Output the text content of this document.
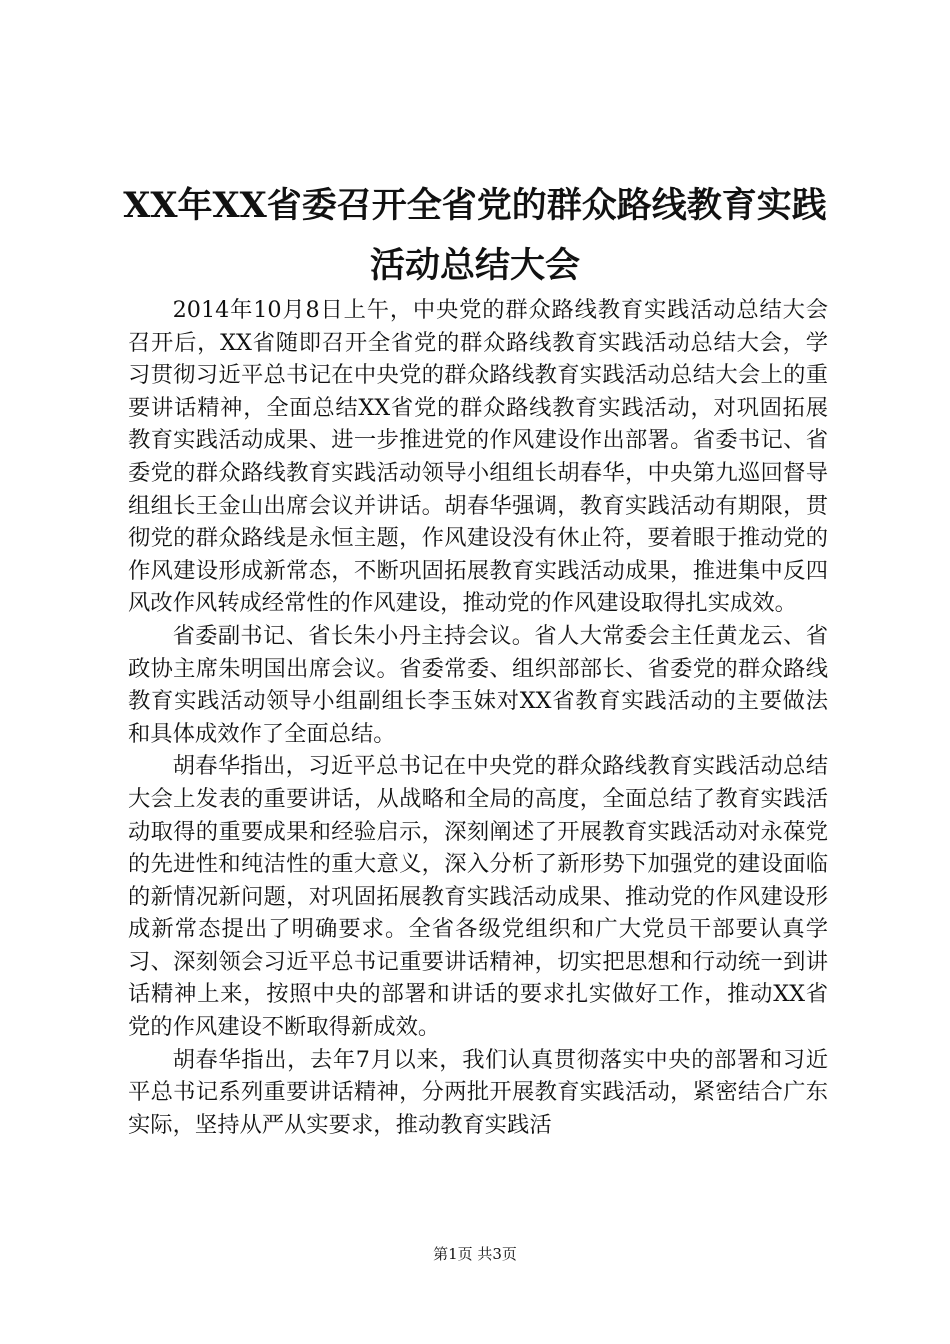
XX年XX省委召开全省党的群众路线教育实践
活动总结大会

2014年10月8日上午，中央党的群众路线教育实践活动总结大会召开后，XX省随即召开全省党的群众路线教育实践活动总结大会，学习贯彻习近平总书记在中央党的群众路线教育实践活动总结大会上的重要讲话精神，全面总结XX省党的群众路线教育实践活动，对巩固拓展教育实践活动成果、进一步推进党的作风建设作出部署。省委书记、省委党的群众路线教育实践活动领导小组组长胡春华，中央第九巡回督导组组长王金山出席会议并讲话。胡春华强调，教育实践活动有期限，贯彻党的群众路线是永恒主题，作风建设没有休止符，要着眼于推动党的作风建设形成新常态，不断巩固拓展教育实践活动成果，推进集中反四风改作风转成经常性的作风建设，推动党的作风建设取得扎实成效。

省委副书记、省长朱小丹主持会议。省人大常委会主任黄龙云、省政协主席朱明国出席会议。省委常委、组织部部长、省委党的群众路线教育实践活动领导小组副组长李玉妹对XX省教育实践活动的主要做法和具体成效作了全面总结。

胡春华指出，习近平总书记在中央党的群众路线教育实践活动总结大会上发表的重要讲话，从战略和全局的高度，全面总结了教育实践活动取得的重要成果和经验启示，深刻阐述了开展教育实践活动对永葆党的先进性和纯洁性的重大意义，深入分析了新形势下加强党的建设面临的新情况新问题，对巩固拓展教育实践活动成果、推动党的作风建设形成新常态提出了明确要求。全省各级党组织和广大党员干部要认真学习、深刻领会习近平总书记重要讲话精神，切实把思想和行动统一到讲话精神上来，按照中央的部署和讲话的要求扎实做好工作，推动XX省党的作风建设不断取得新成效。

胡春华指出，去年7月以来，我们认真贯彻落实中央的部署和习近平总书记系列重要讲话精神，分两批开展教育实践活动，紧密结合广东实际，坚持从严从实要求，推动教育实践活

第1页 共3页
